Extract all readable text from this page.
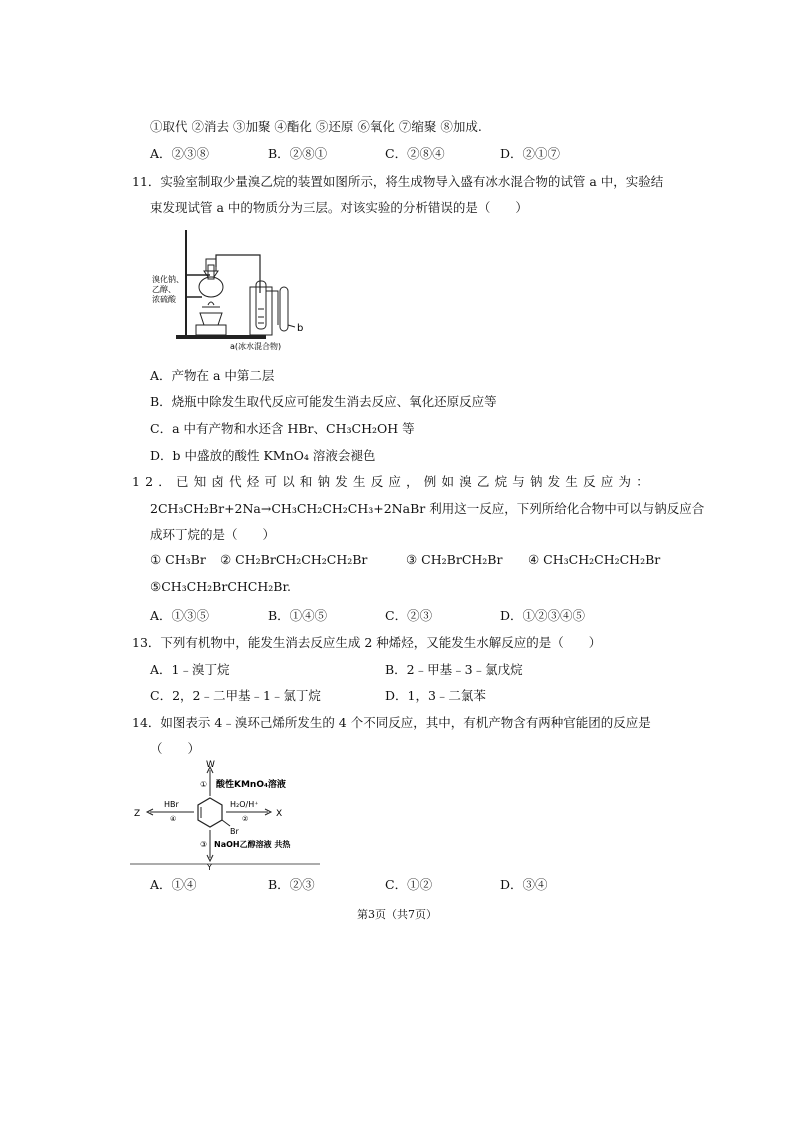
①取代 ②消去 ③加聚 ④酯化 ⑤还原 ⑥氧化 ⑦缩聚 ⑧加成.
A．②③⑧	B．②⑧①	C．②⑧④	D．②①⑦
11．实验室制取少量溴乙烷的装置如图所示，将生成物导入盛有冰水混合物的试管 a 中，实验结
束发现试管 a 中的物质分为三层。对该实验的分析错误的是（　　）
溴化钠、
乙醇、
浓硫酸
a(冰水混合物)
b
A．产物在 a 中第二层
B．烧瓶中除发生取代反应可能发生消去反应、氧化还原反应等
C．a 中有产物和水还含 HBr、CH₃CH₂OH 等
D．b 中盛放的酸性 KMnO₄ 溶液会褪色
12．已知卤代烃可以和钠发生反应，例如溴乙烷与钠发生反应为：
2CH₃CH₂Br+2Na→CH₃CH₂CH₂CH₃+2NaBr 利用这一反应，下列所给化合物中可以与钠反应合
成环丁烷的是（　　）
① CH₃Br ② CH₂BrCH₂CH₂CH₂Br	③ CH₂BrCH₂Br ④ CH₃CH₂CH₂CH₂Br
⑤CH₃CH₂BrCHCH₂Br.
A．①③⑤	B．①④⑤	C．②③	D．①②③④⑤
13．下列有机物中，能发生消去反应生成 2 种烯烃，又能发生水解反应的是（　　）
A．1﹣溴丁烷	B．2﹣甲基﹣3﹣氯戊烷
C．2，2﹣二甲基﹣1﹣氯丁烷	D．1，3﹣二氯苯
14．如图表示 4﹣溴环己烯所发生的 4 个不同反应，其中，有机产物含有两种官能团的反应是
（　　）
W
① 酸性KMnO₄溶液
Br
H₂O/H⁺
②	X
HBr
④
Z
③ NaOH乙醇溶液 共热
Y
A．①④	B．②③	C．①②	D．③④
第3页（共7页）
